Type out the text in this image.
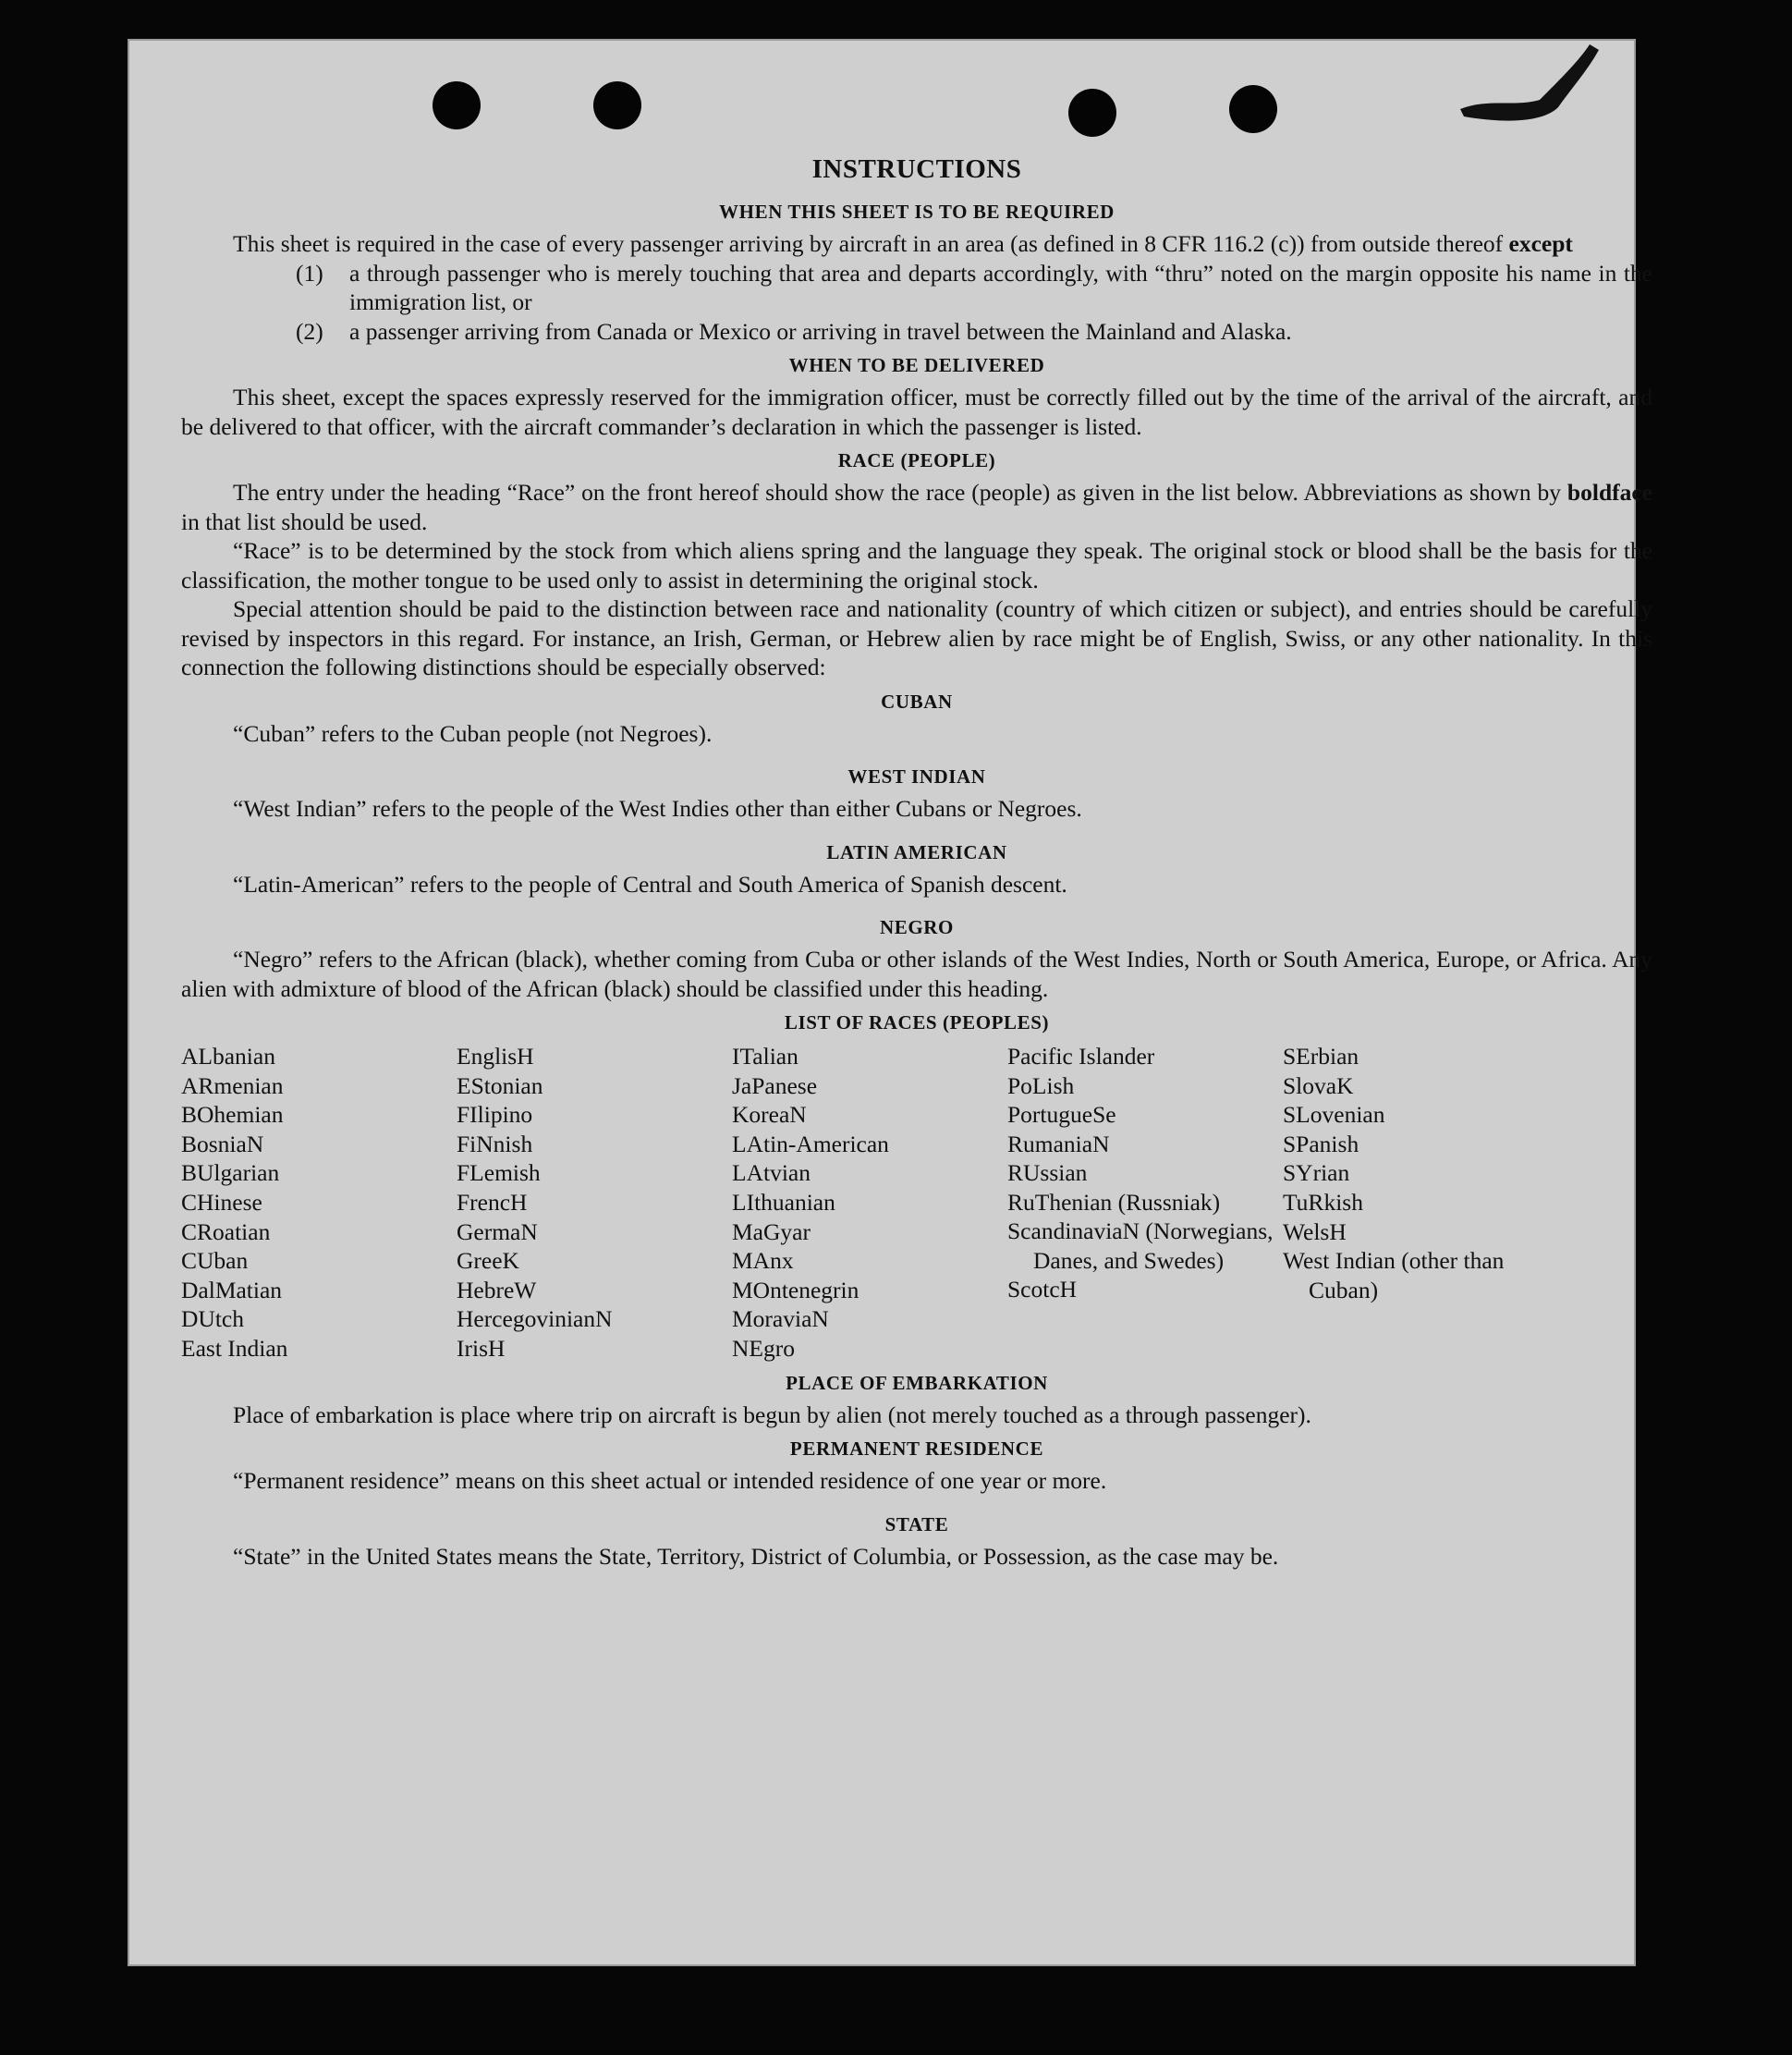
INSTRUCTIONS
WHEN THIS SHEET IS TO BE REQUIRED

This sheet is required in the case of every passenger arriving by aircraft in an area (as defined in 8 CFR 116.2 (c)) from outside thereof except

(1)	a through passenger who is merely touching that area and departs accordingly, with “thru” noted on the margin opposite his name in the immigration list, or
(2)	a passenger arriving from Canada or Mexico or arriving in travel between the Mainland and Alaska.
WHEN TO BE DELIVERED

This sheet, except the spaces expressly reserved for the immigration officer, must be correctly filled out by the time of the arrival of the aircraft, and be delivered to that officer, with the aircraft commander’s declaration in which the passenger is listed.

RACE (PEOPLE)

The entry under the heading “Race” on the front hereof should show the race (people) as given in the list below. Abbreviations as shown by boldface in that list should be used.

“Race” is to be determined by the stock from which aliens spring and the language they speak. The original stock or blood shall be the basis for the classification, the mother tongue to be used only to assist in determining the original stock.

Special attention should be paid to the distinction between race and nationality (country of which citizen or subject), and entries should be carefully revised by inspectors in this regard. For instance, an Irish, German, or Hebrew alien by race might be of English, Swiss, or any other nationality. In this connection the following distinctions should be especially observed:

CUBAN

“Cuban” refers to the Cuban people (not Negroes).

WEST INDIAN

“West Indian” refers to the people of the West Indies other than either Cubans or Negroes.

LATIN AMERICAN

“Latin-American” refers to the people of Central and South America of Spanish descent.

NEGRO

“Negro” refers to the African (black), whether coming from Cuba or other islands of the West Indies, North or South America, Europe, or Africa. Any alien with admixture of blood of the African (black) should be classified under this heading.

LIST OF RACES (PEOPLES)
ALbanian
ARmenian
BOhemian
BosniaN
BUlgarian
CHinese
CRoatian
CUban
DalMatian
DUtch
East Indian
EnglisH
EStonian
FIlipino
FiNnish
FLemish
FrencH
GermaN
GreeK
HebreW
HercegovinianN
IrisH
ITalian
JaPanese
KoreaN
LAtin-American
LAtvian
LIthuanian
MaGyar
MAnx
MOntenegrin
MoraviaN
NEgro
Pacific Islander
PoLish
PortugueSe
RumaniaN
RUssian
RuThenian (Russniak)
ScandinaviaN (Norwegians, Danes, and Swedes)
ScotcH
SErbian
SlovaK
SLovenian
SPanish
SYrian
TuRkish
WelsH
West Indian (other than Cuban)
PLACE OF EMBARKATION

Place of embarkation is place where trip on aircraft is begun by alien (not merely touched as a through passenger).

PERMANENT RESIDENCE

“Permanent residence” means on this sheet actual or intended residence of one year or more.

STATE

“State” in the United States means the State, Territory, District of Columbia, or Possession, as the case may be.
